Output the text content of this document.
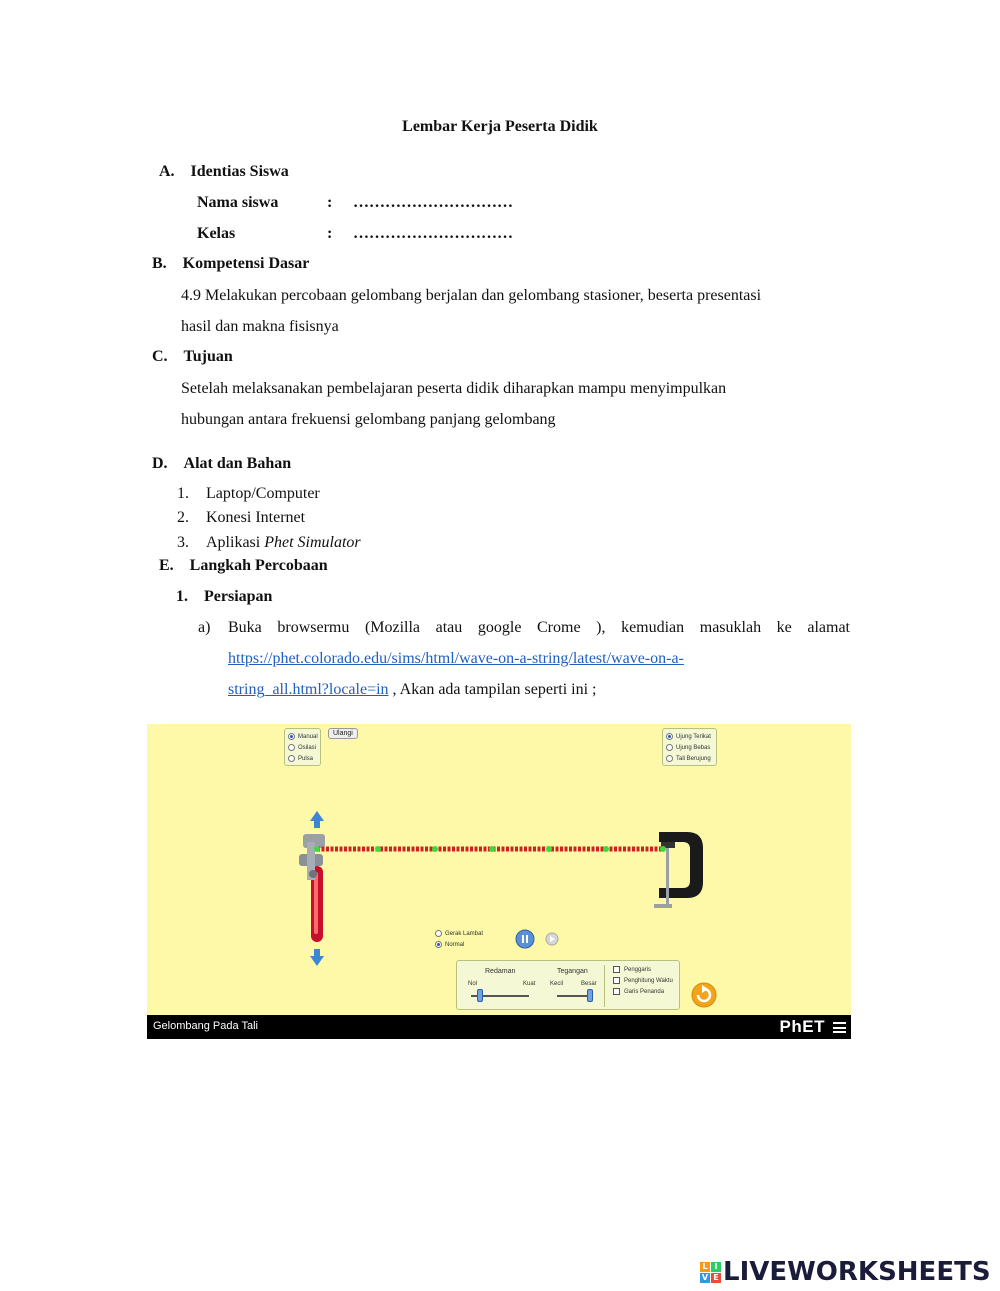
Lembar Kerja Peserta Didik
A. Identias Siswa
Nama siswa	: …………………………
Kelas	: …………………………
B. Kompetensi Dasar
4.9 Melakukan percobaan gelombang berjalan dan gelombang stasioner, beserta presentasi
hasil dan makna fisisnya
C. Tujuan
Setelah melaksanakan pembelajaran peserta didik diharapkan mampu menyimpulkan
hubungan antara frekuensi gelombang panjang gelombang
D. Alat dan Bahan
1. Laptop/Computer
2. Konesi Internet
3. Aplikasi Phet Simulator
E. Langkah Percobaan
1. Persiapan
a) Buka browsermu (Mozilla atau google Crome ), kemudian masuklah ke alamat
https://phet.colorado.edu/sims/html/wave-on-a-string/latest/wave-on-a-
string_all.html?locale=in , Akan ada tampilan seperti ini ;
Manual
Osilasi
Pulsa
Ulangi	Ujung Terikat
Ujung Bebas
Tali Berujung
Gerak Lambat
Normal
Redaman
Nol	Kuat
Tegangan
Kecil	Besar
Penggaris
Penghitung Waktu
Garis Penanda
Gelombang Pada Tali	PhET
L I
V E LIVEWORKSHEETS
